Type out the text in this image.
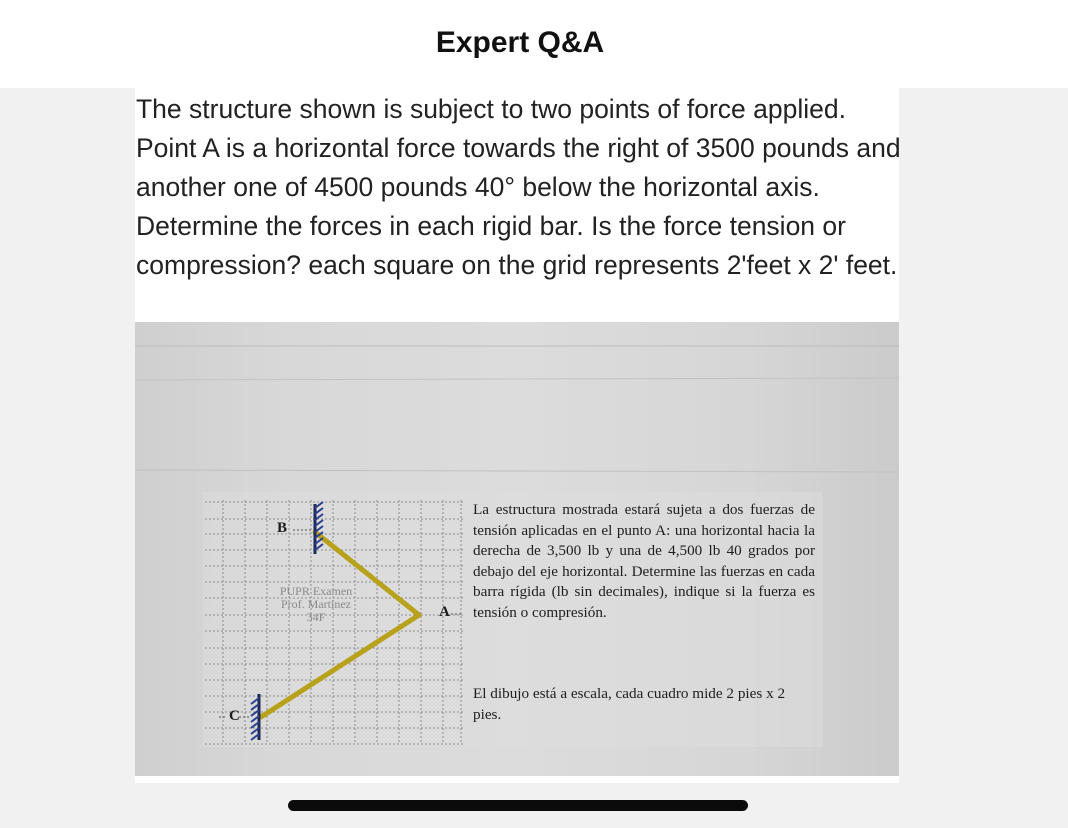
Expert Q&A

The structure shown is subject to two points of force applied. Point A is a horizontal force towards the right of 3500 pounds and another one of 4500 pounds 40° below the horizontal axis. Determine the forces in each rigid bar. Is the force tension or compression? each square on the grid represents 2'feet x 2' feet.

B
A
C
PUPR Examen
Prof. Martínez
34F

La estructura mostrada estará sujeta a dos fuerzas de tensión aplicadas en el punto A: una horizontal hacia la derecha de 3,500 lb y una de 4,500 lb 40 grados por debajo del eje horizontal. Determine las fuerzas en cada barra rígida (lb sin decimales), indique si la fuerza es tensión o compresión.

El dibujo está a escala, cada cuadro mide 2 pies x 2 pies.
